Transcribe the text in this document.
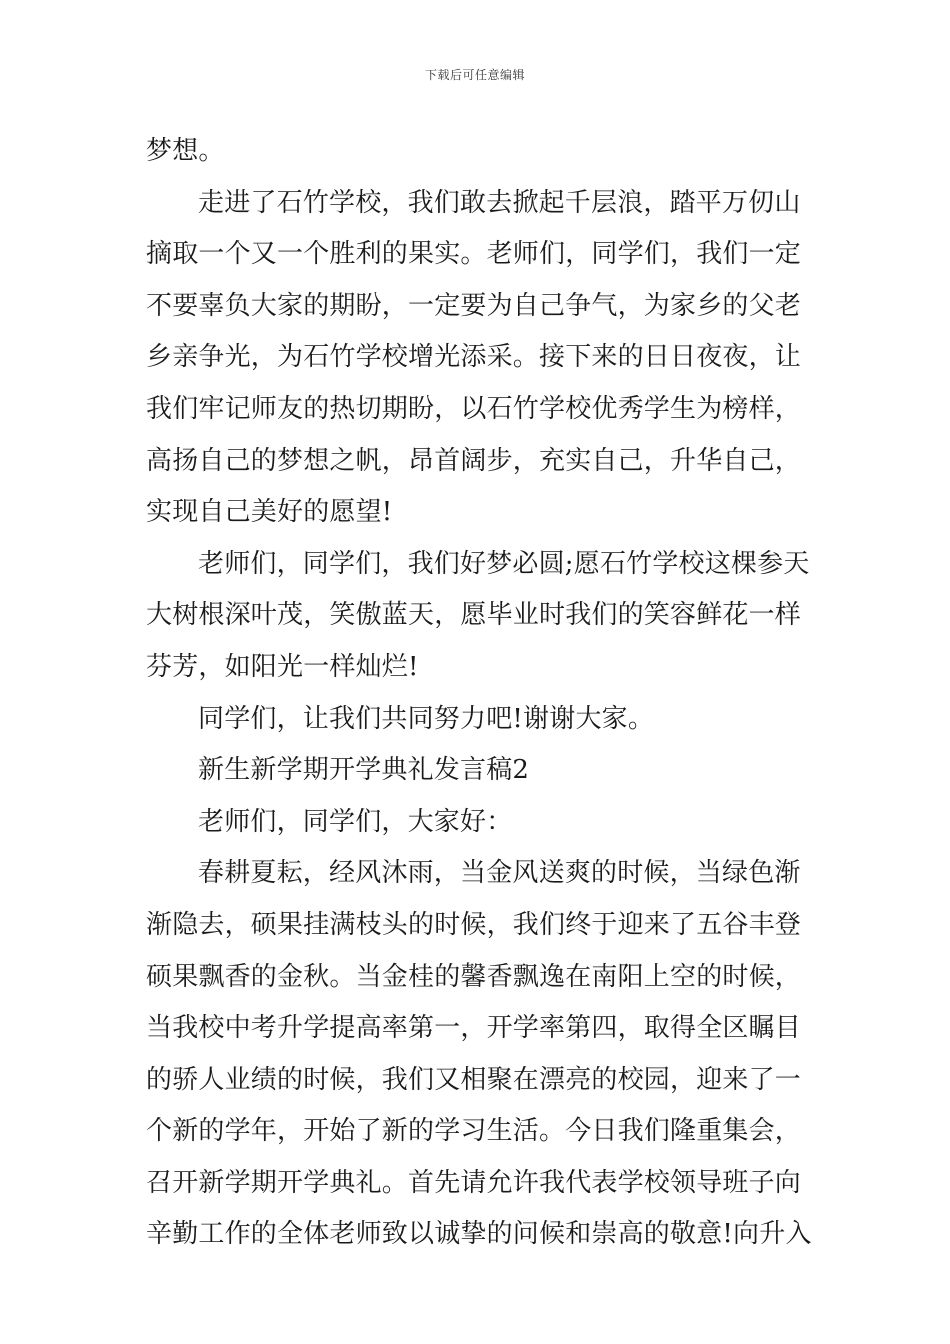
下载后可任意编辑
梦想。
走进了石竹学校，我们敢去掀起千层浪，踏平万仞山
摘取一个又一个胜利的果实。老师们，同学们，我们一定
不要辜负大家的期盼，一定要为自己争气，为家乡的父老
乡亲争光，为石竹学校增光添采。接下来的日日夜夜，让
我们牢记师友的热切期盼，以石竹学校优秀学生为榜样，
高扬自己的梦想之帆，昂首阔步，充实自己，升华自己，
实现自己美好的愿望!
老师们，同学们，我们好梦必圆;愿石竹学校这棵参天
大树根深叶茂，笑傲蓝天，愿毕业时我们的笑容鲜花一样
芬芳，如阳光一样灿烂!
同学们，让我们共同努力吧!谢谢大家。
新生新学期开学典礼发言稿2
老师们，同学们，大家好：
春耕夏耘，经风沐雨，当金风送爽的时候，当绿色渐
渐隐去，硕果挂满枝头的时候，我们终于迎来了五谷丰登
硕果飘香的金秋。当金桂的馨香飘逸在南阳上空的时候，
当我校中考升学提高率第一，开学率第四，取得全区瞩目
的骄人业绩的时候，我们又相聚在漂亮的校园，迎来了一
个新的学年，开始了新的学习生活。今日我们隆重集会，
召开新学期开学典礼。首先请允许我代表学校领导班子向
辛勤工作的全体老师致以诚挚的问候和崇高的敬意!向升入
